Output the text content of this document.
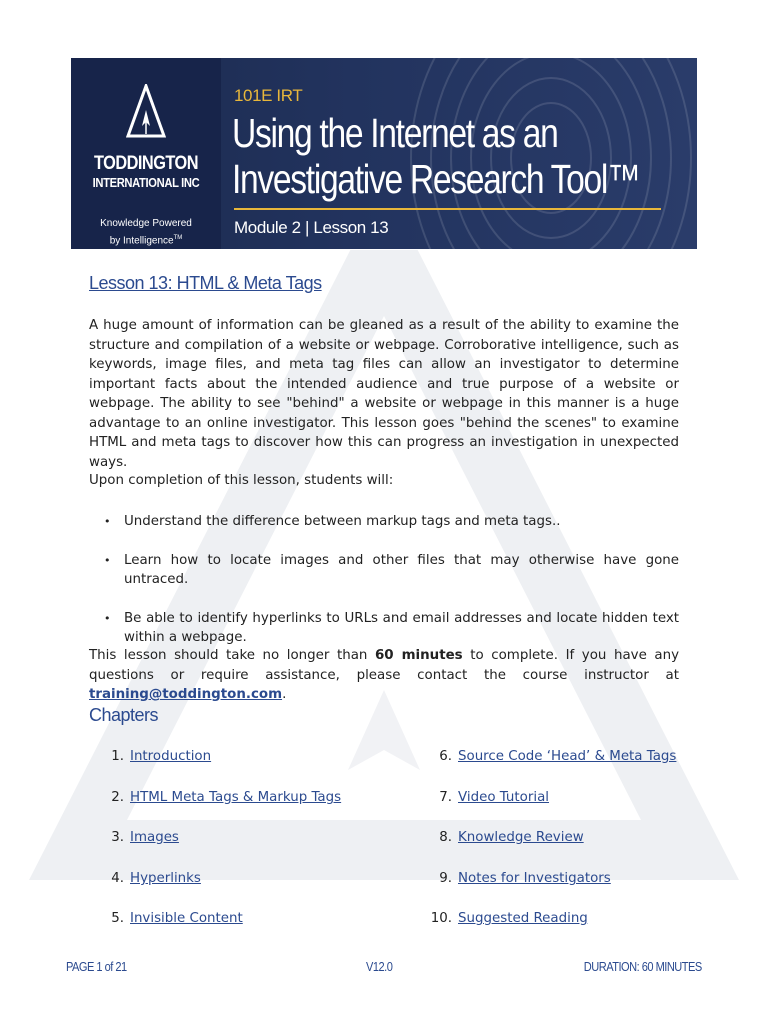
TODDINGTON
INTERNATIONAL INC
Knowledge Powered
by Intelligence™
101E IRT
Using the Internet as an
Investigative Research Tool™
Module 2 | Lesson 13
Lesson 13: HTML & Meta Tags
A huge amount of information can be gleaned as a result of the ability to examine the structure and compilation of a website or webpage. Corroborative intelligence, such as keywords, image files, and meta tag files can allow an investigator to determine important facts about the intended audience and true purpose of a website or webpage. The ability to see "behind" a website or webpage in this manner is a huge advantage to an online investigator. This lesson goes "behind the scenes" to examine HTML and meta tags to discover how this can progress an investigation in unexpected ways.
Upon completion of this lesson, students will:
• Understand the difference between markup tags and meta tags..
• Learn how to locate images and other files that may otherwise have gone untraced.
• Be able to identify hyperlinks to URLs and email addresses and locate hidden text within a webpage.
This lesson should take no longer than 60 minutes to complete. If you have any questions or require assistance, please contact the course instructor at training@toddington.com.
Chapters
1. Introduction
2. HTML Meta Tags & Markup Tags
3. Images
4. Hyperlinks
5. Invisible Content
6. Source Code ‘Head’ & Meta Tags
7. Video Tutorial
8. Knowledge Review
9. Notes for Investigators
10. Suggested Reading
PAGE 1 of 21	V12.0	DURATION: 60 MINUTES
